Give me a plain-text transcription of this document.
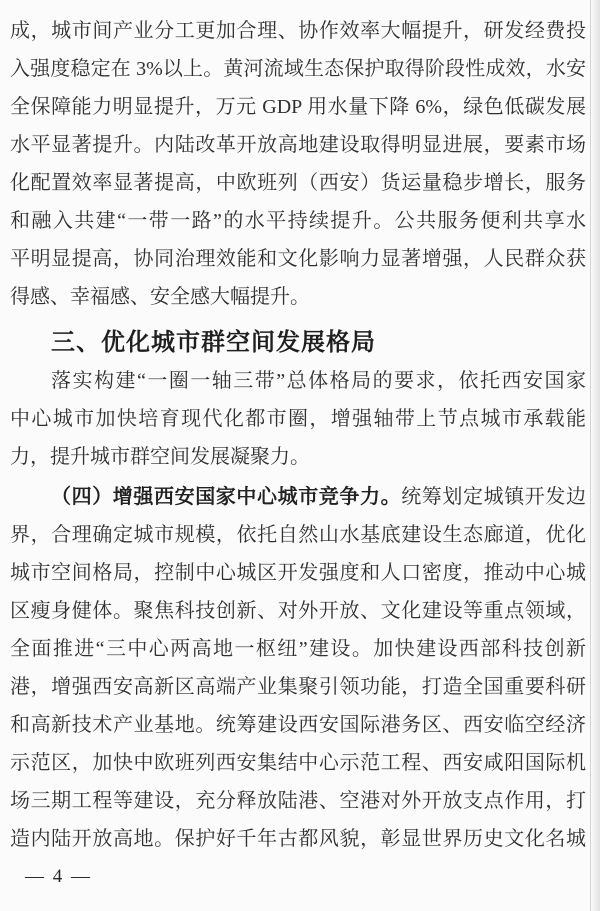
成，城市间产业分工更加合理、协作效率大幅提升，研发经费投
入强度稳定在 3%以上。黄河流域生态保护取得阶段性成效，水安
全保障能力明显提升，万元 GDP 用水量下降 6%，绿色低碳发展
水平显著提升。内陆改革开放高地建设取得明显进展，要素市场
化配置效率显著提高，中欧班列（西安）货运量稳步增长，服务
和融入共建“一带一路”的水平持续提升。公共服务便利共享水
平明显提高，协同治理效能和文化影响力显著增强，人民群众获
得感、幸福感、安全感大幅提升。
三、优化城市群空间发展格局
落实构建“一圈一轴三带”总体格局的要求，依托西安国家
中心城市加快培育现代化都市圈，增强轴带上节点城市承载能
力，提升城市群空间发展凝聚力。
（四）增强西安国家中心城市竞争力。统筹划定城镇开发边
界，合理确定城市规模，依托自然山水基底建设生态廊道，优化
城市空间格局，控制中心城区开发强度和人口密度，推动中心城
区瘦身健体。聚焦科技创新、对外开放、文化建设等重点领域，
全面推进“三中心两高地一枢纽”建设。加快建设西部科技创新
港，增强西安高新区高端产业集聚引领功能，打造全国重要科研
和高新技术产业基地。统筹建设西安国际港务区、西安临空经济
示范区，加快中欧班列西安集结中心示范工程、西安咸阳国际机
场三期工程等建设，充分释放陆港、空港对外开放支点作用，打
造内陆开放高地。保护好千年古都风貌，彰显世界历史文化名城
— 4 —
